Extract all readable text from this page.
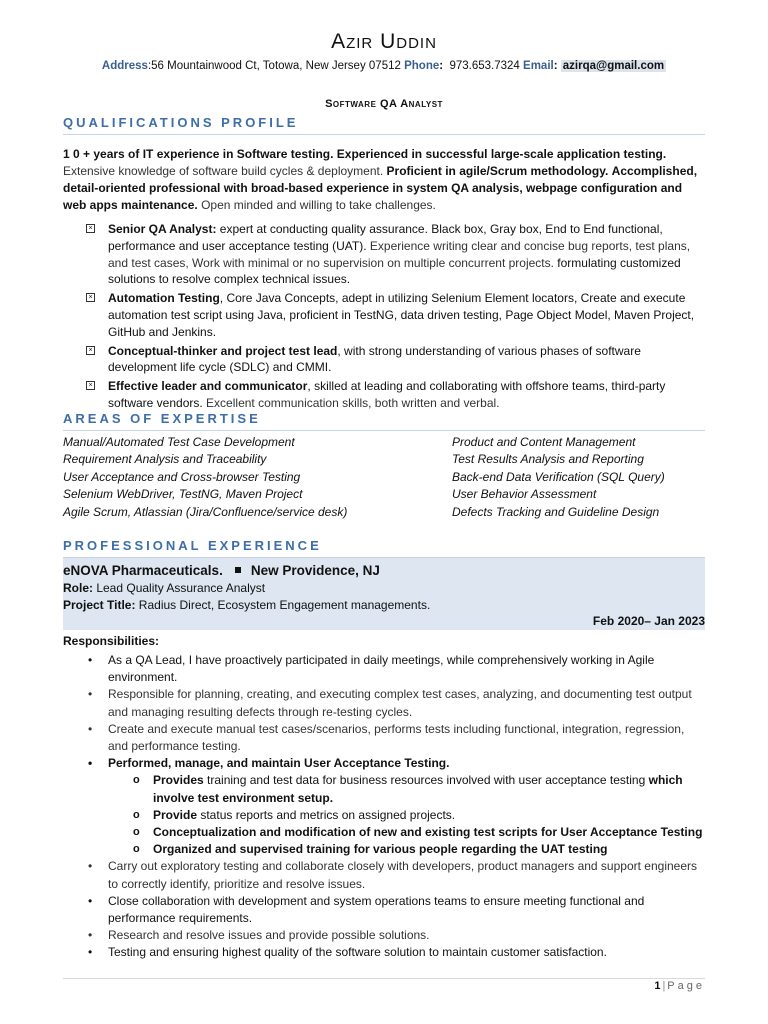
Azir Uddin
Address:56 Mountainwood Ct, Totowa, New Jersey 07512 Phone: 973.653.7324 Email: azirqa@gmail.com
Software QA Analyst
QUALIFICATIONS PROFILE
1 0 + years of IT experience in Software testing. Experienced in successful large-scale application testing. Extensive knowledge of software build cycles & deployment. Proficient in agile/Scrum methodology. Accomplished, detail-oriented professional with broad-based experience in system QA analysis, webpage configuration and web apps maintenance. Open minded and willing to take challenges.
× Senior QA Analyst: expert at conducting quality assurance. Black box, Gray box, End to End functional, performance and user acceptance testing (UAT). Experience writing clear and concise bug reports, test plans, and test cases, Work with minimal or no supervision on multiple concurrent projects. formulating customized solutions to resolve complex technical issues.
× Automation Testing, Core Java Concepts, adept in utilizing Selenium Element locators, Create and execute automation test script using Java, proficient in TestNG, data driven testing, Page Object Model, Maven Project, GitHub and Jenkins.
× Conceptual-thinker and project test lead, with strong understanding of various phases of software development life cycle (SDLC) and CMMI.
× Effective leader and communicator, skilled at leading and collaborating with offshore teams, third-party software vendors. Excellent communication skills, both written and verbal.
AREAS OF EXPERTISE
Manual/Automated Test Case Development
Requirement Analysis and Traceability
User Acceptance and Cross-browser Testing
Selenium WebDriver, TestNG, Maven Project
Agile Scrum, Atlassian (Jira/Confluence/service desk)
Product and Content Management
Test Results Analysis and Reporting
Back-end Data Verification (SQL Query)
User Behavior Assessment
Defects Tracking and Guideline Design
PROFESSIONAL EXPERIENCE
eNOVA Pharmaceuticals. New Providence, NJ
Role: Lead Quality Assurance Analyst
Project Title: Radius Direct, Ecosystem Engagement managements.
Feb 2020– Jan 2023
Responsibilities:
• As a QA Lead, I have proactively participated in daily meetings, while comprehensively working in Agile environment.
• Responsible for planning, creating, and executing complex test cases, analyzing, and documenting test output and managing resulting defects through re-testing cycles.
• Create and execute manual test cases/scenarios, performs tests including functional, integration, regression, and performance testing.
• Performed, manage, and maintain User Acceptance Testing.
o Provides training and test data for business resources involved with user acceptance testing which involve test environment setup.
o Provide status reports and metrics on assigned projects.
o Conceptualization and modification of new and existing test scripts for User Acceptance Testing
o Organized and supervised training for various people regarding the UAT testing
• Carry out exploratory testing and collaborate closely with developers, product managers and support engineers to correctly identify, prioritize and resolve issues.
• Close collaboration with development and system operations teams to ensure meeting functional and performance requirements.
• Research and resolve issues and provide possible solutions.
• Testing and ensuring highest quality of the software solution to maintain customer satisfaction.
1 | Page
